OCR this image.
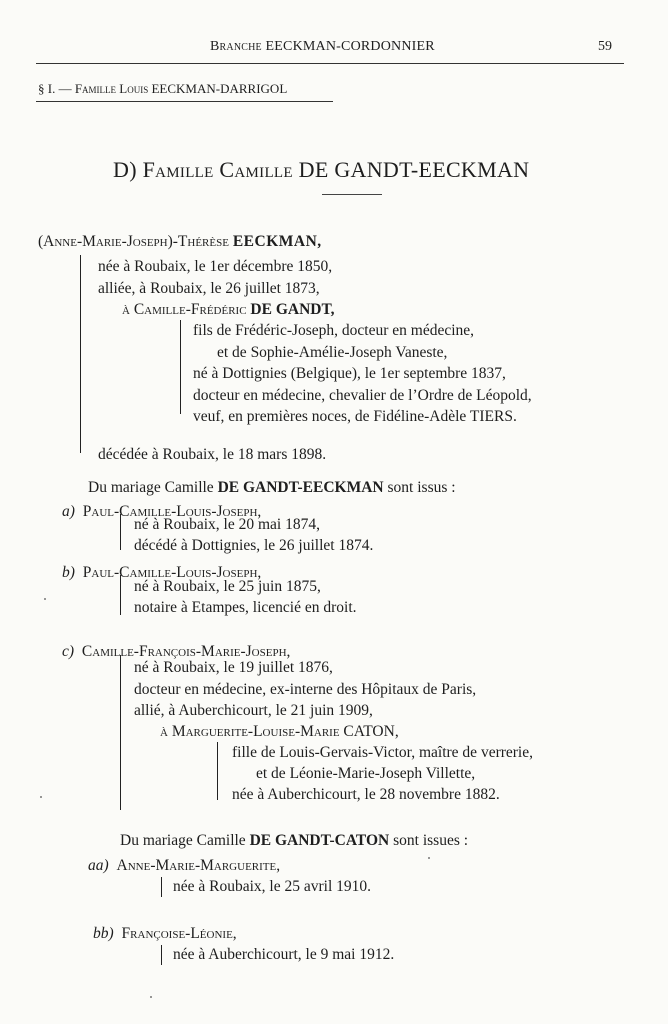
Branche EECKMAN-CORDONNIER	59
§ I. — Famille Louis EECKMAN-DARRIGOL
D) Famille Camille DE GANDT-EECKMAN
(Anne-Marie-Joseph)-Thérèse EECKMAN,
née à Roubaix, le 1er décembre 1850,
alliée, à Roubaix, le 26 juillet 1873,
à Camille-Frédéric DE GANDT,
fils de Frédéric-Joseph, docteur en médecine,
et de Sophie-Amélie-Joseph Vaneste,
né à Dottignies (Belgique), le 1er septembre 1837,
docteur en médecine, chevalier de l’Ordre de Léopold,
veuf, en premières noces, de Fidéline-Adèle TIERS.
décédée à Roubaix, le 18 mars 1898.
Du mariage Camille DE GANDT-EECKMAN sont issus :
a) Paul-Camille-Louis-Joseph,
né à Roubaix, le 20 mai 1874,
décédé à Dottignies, le 26 juillet 1874.
b) Paul-Camille-Louis-Joseph,
né à Roubaix, le 25 juin 1875,
notaire à Etampes, licencié en droit.
c) Camille-François-Marie-Joseph,
né à Roubaix, le 19 juillet 1876,
docteur en médecine, ex-interne des Hôpitaux de Paris,
allié, à Auberchicourt, le 21 juin 1909,
à Marguerite-Louise-Marie CATON,
fille de Louis-Gervais-Victor, maître de verrerie,
et de Léonie-Marie-Joseph Villette,
née à Auberchicourt, le 28 novembre 1882.
Du mariage Camille DE GANDT-CATON sont issues :
aa) Anne-Marie-Marguerite,
née à Roubaix, le 25 avril 1910.
bb) Françoise-Léonie,
née à Auberchicourt, le 9 mai 1912.
